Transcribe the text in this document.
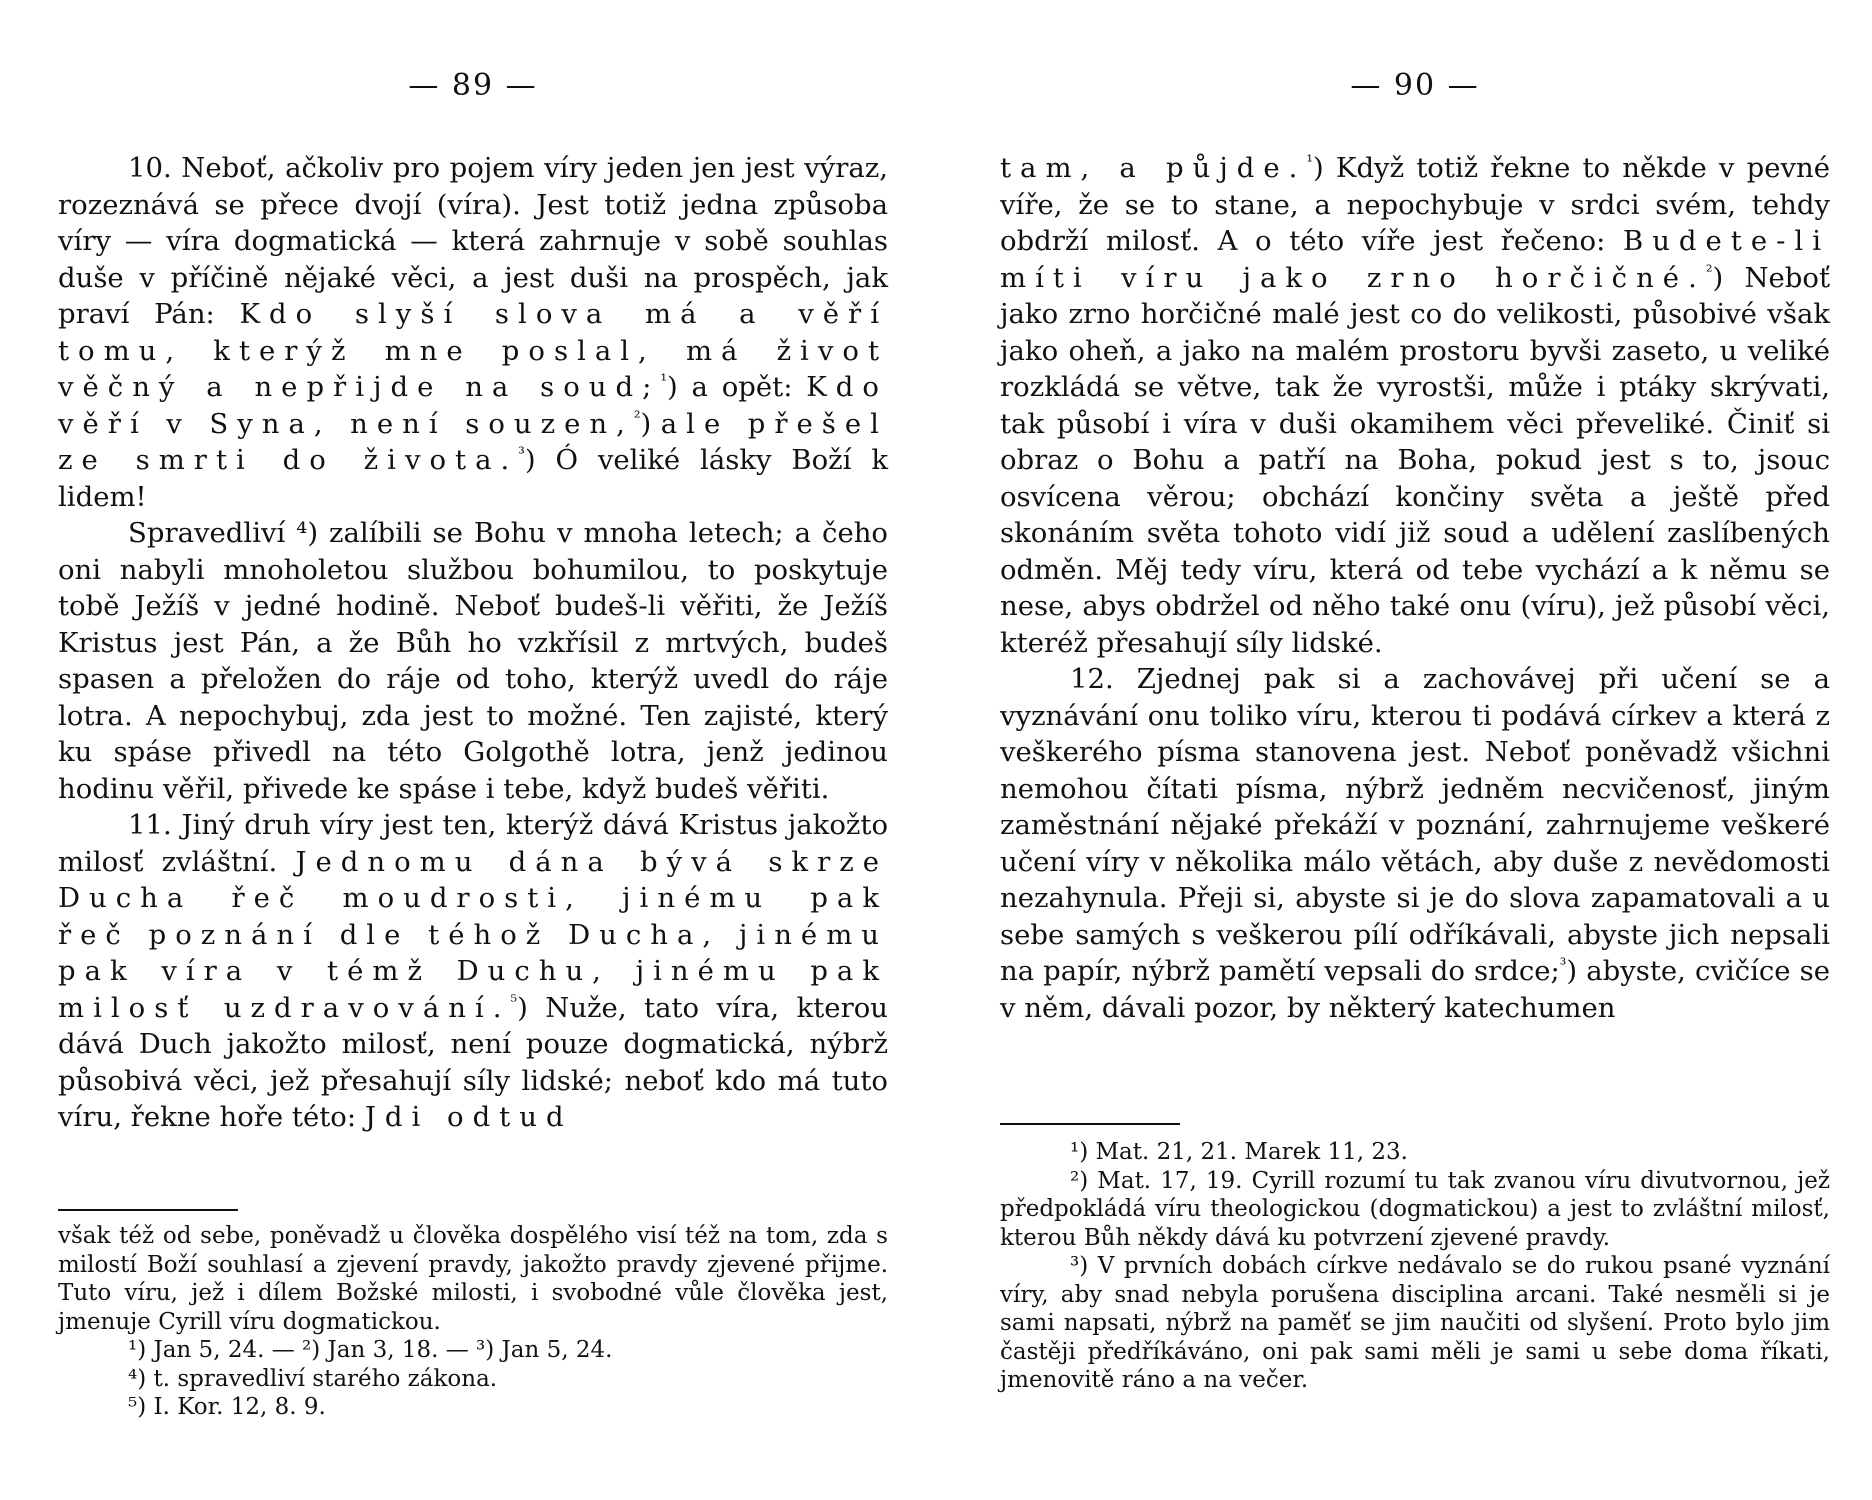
— 89 —

10. Neboť, ačkoliv pro pojem víry jeden jen jest výraz, rozeznává se přece dvojí (víra). Jest totiž jedna způsoba víry — víra dogmatická — která zahrnuje v sobě souhlas duše v příčině nějaké věci, a jest duši na prospěch, jak praví Pán: Kdo slyší slova má a věří tomu, kterýž mne poslal, má život věčný a nepřijde na soud;$^{^1}$) a opět: Kdo věří v Syna, není souzen,$^{^2}$) ale přešel ze smrti do života.$^{^3}$) Ó veliké lásky Boží k lidem!

Spravedliví ⁴) zalíbili se Bohu v mnoha letech; a čeho oni nabyli mnoholetou službou bohumilou, to poskytuje tobě Ježíš v jedné hodině. Neboť budeš-li věřiti, že Ježíš Kristus jest Pán, a že Bůh ho vzkřísil z mrtvých, budeš spasen a přeložen do ráje od toho, kterýž uvedl do ráje lotra. A nepochybuj, zda jest to možné. Ten zajisté, který ku spáse přivedl na této Golgothě lotra, jenž jedinou hodinu věřil, přivede ke spáse i tebe, když budeš věřiti.

11. Jiný druh víry jest ten, kterýž dává Kristus jakožto milosť zvláštní. Jednomu dána bývá skrze Ducha řeč moudrosti, jinému pak řeč poznání dle téhož Ducha, jinému pak víra v témž Duchu, jinému pak milosť uzdravování.$^{^5}$) Nuže, tato víra, kterou dává Duch jakožto milosť, není pouze dogmatická, nýbrž působivá věci, jež přesahují síly lidské; neboť kdo má tuto víru, řekne hoře této: Jdi odtud

však též od sebe, poněvadž u člověka dospělého visí též na tom, zda s milostí Boží souhlasí a zjevení pravdy, jakožto pravdy zjevené přijme. Tuto víru, jež i dílem Božské milosti, i svobodné vůle člověka jest, jmenuje Cyrill víru dogmatickou.

¹) Jan 5, 24. — ²) Jan 3, 18. — ³) Jan 5, 24.

⁴) t. spravedliví starého zákona.

⁵) I. Kor. 12, 8. 9.

— 90 —

tam, a půjde.$^{^1}$) Když totiž řekne to někde v pevné víře, že se to stane, a nepochybuje v srdci svém, tehdy obdrží milosť. A o této víře jest řečeno: Budete-li míti víru jako zrno horčičné.$^{^2}$) Neboť jako zrno horčičné malé jest co do velikosti, působivé však jako oheň, a jako na malém prostoru byvši zaseto, u veliké rozkládá se větve, tak že vyrostši, může i ptáky skrývati, tak působí i víra v duši okamihem věci převeliké. Činiť si obraz o Bohu a patří na Boha, pokud jest s to, jsouc osvícena věrou; obchází končiny světa a ještě před skonáním světa tohoto vidí již soud a udělení zaslíbených odměn. Měj tedy víru, která od tebe vychází a k němu se nese, abys obdržel od něho také onu (víru), jež působí věci, kteréž přesahují síly lidské.

12. Zjednej pak si a zachovávej při učení se a vyznávání onu toliko víru, kterou ti podává církev a která z veškerého písma stanovena jest. Neboť poněvadž všichni nemohou čítati písma, nýbrž jedněm necvičenosť, jiným zaměstnání nějaké překáží v poznání, zahrnujeme veškeré učení víry v několika málo větách, aby duše z nevědomosti nezahynula. Přeji si, abyste si je do slova zapamatovali a u sebe samých s veškerou pílí odříkávali, abyste jich nepsali na papír, nýbrž pamětí vepsali do srdce;$^{^3}$) abyste, cvičíce se v něm, dávali pozor, by některý katechumen

¹) Mat. 21, 21. Marek 11, 23.

²) Mat. 17, 19. Cyrill rozumí tu tak zvanou víru divutvornou, jež předpokládá víru theologickou (dogmatickou) a jest to zvláštní milosť, kterou Bůh někdy dává ku potvrzení zjevené pravdy.

³) V prvních dobách církve nedávalo se do rukou psané vyznání víry, aby snad nebyla porušena disciplina arcani. Také nesměli si je sami napsati, nýbrž na paměť se jim naučiti od slyšení. Proto bylo jim častěji předříkáváno, oni pak sami měli je sami u sebe doma říkati, jmenovitě ráno a na večer.
